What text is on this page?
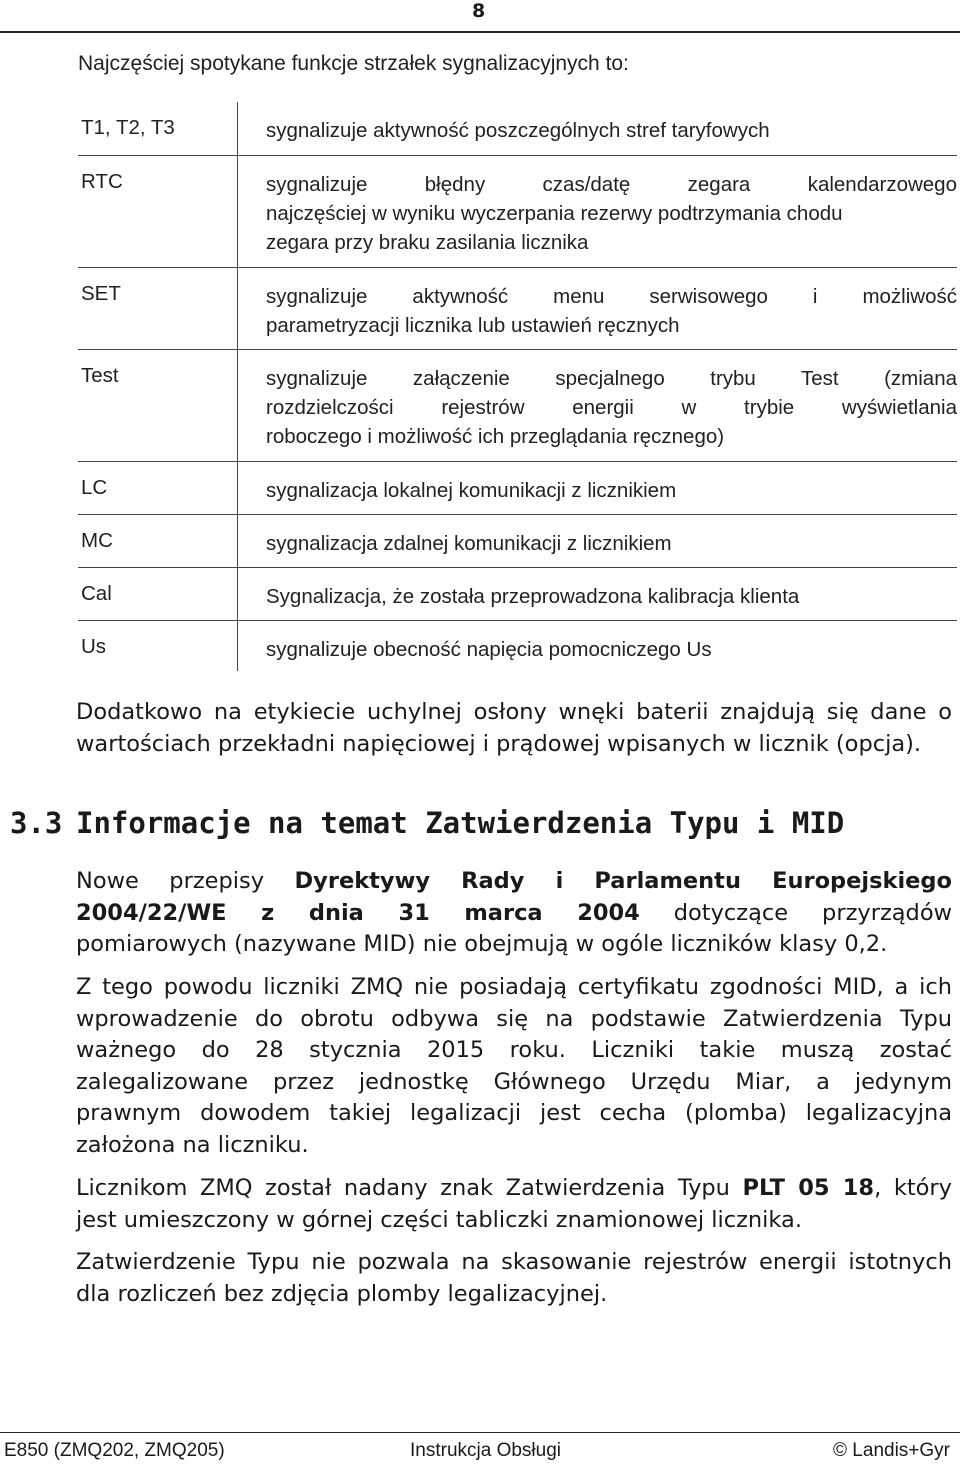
8
Najczęściej spotykane funkcje strzałek sygnalizacyjnych to:
T1, T2, T3	sygnalizuje aktywność poszczególnych stref taryfowych
RTC	sygnalizuje błędny czas/datę zegara kalendarzowego
najczęściej w wyniku wyczerpania rezerwy podtrzymania chodu
zegara przy braku zasilania licznika
SET	sygnalizuje aktywność menu serwisowego i możliwość
parametryzacji licznika lub ustawień ręcznych
Test	sygnalizuje załączenie specjalnego trybu Test (zmiana
rozdzielczości rejestrów energii w trybie wyświetlania
roboczego i możliwość ich przeglądania ręcznego)
LC	sygnalizacja lokalnej komunikacji z licznikiem
MC	sygnalizacja zdalnej komunikacji z licznikiem
Cal	Sygnalizacja, że została przeprowadzona kalibracja klienta
Us	sygnalizuje obecność napięcia pomocniczego Us
Dodatkowo na etykiecie uchylnej osłony wnęki baterii znajdują się dane o
wartościach przekładni napięciowej i prądowej wpisanych w licznik (opcja).
3.3 Informacje na temat Zatwierdzenia Typu i MID
Nowe przepisy Dyrektywy Rady i Parlamentu Europejskiego
2004/22/WE z dnia 31 marca 2004 dotyczące przyrządów
pomiarowych (nazywane MID) nie obejmują w ogóle liczników klasy 0,2.
Z tego powodu liczniki ZMQ nie posiadają certyfikatu zgodności MID, a ich
wprowadzenie do obrotu odbywa się na podstawie Zatwierdzenia Typu
ważnego do 28 stycznia 2015 roku. Liczniki takie muszą zostać
zalegalizowane przez jednostkę Głównego Urzędu Miar, a jedynym
prawnym dowodem takiej legalizacji jest cecha (plomba) legalizacyjna
założona na liczniku.
Licznikom ZMQ został nadany znak Zatwierdzenia Typu PLT 05 18, który
jest umieszczony w górnej części tabliczki znamionowej licznika.
Zatwierdzenie Typu nie pozwala na skasowanie rejestrów energii istotnych
dla rozliczeń bez zdjęcia plomby legalizacyjnej.
E850 (ZMQ202, ZMQ205)	Instrukcja Obsługi	© Landis+Gyr
